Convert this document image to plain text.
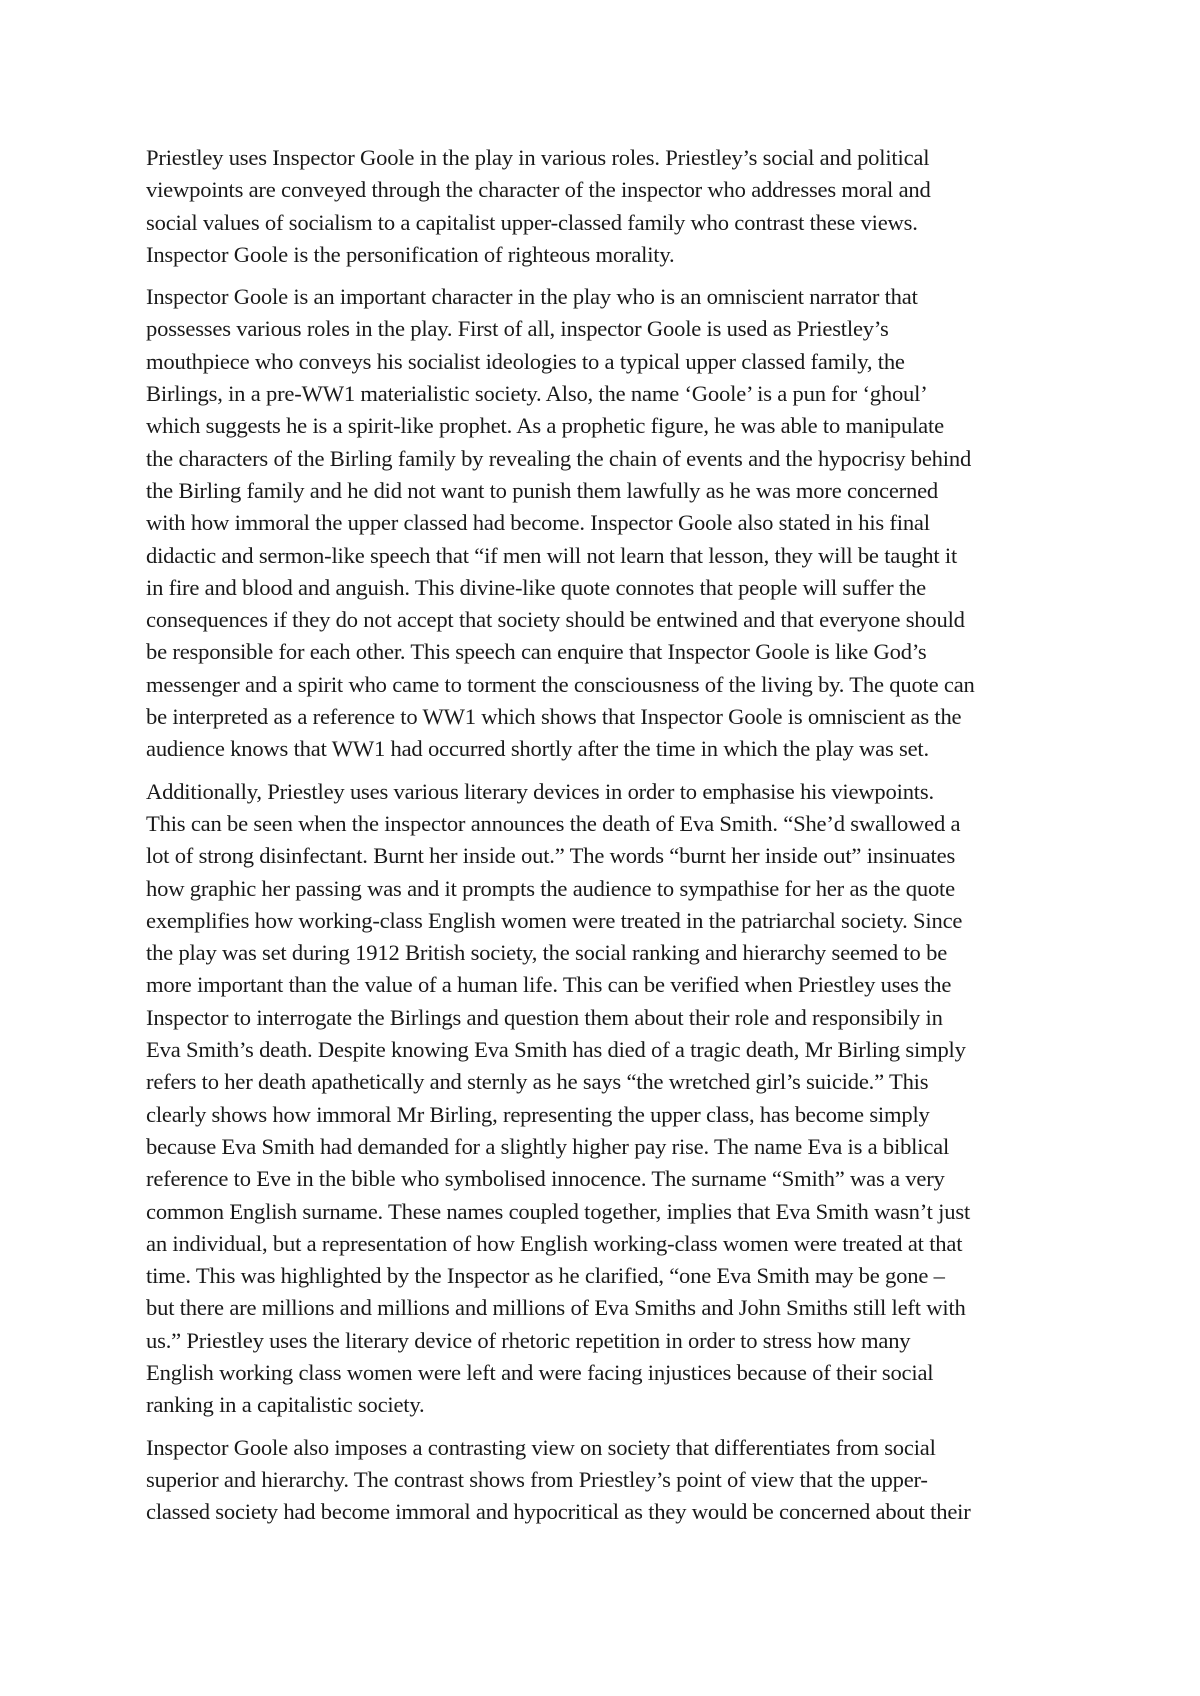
Priestley uses Inspector Goole in the play in various roles. Priestley’s social and political
viewpoints are conveyed through the character of the inspector who addresses moral and
social values of socialism to a capitalist upper-classed family who contrast these views.
Inspector Goole is the personification of righteous morality.
Inspector Goole is an important character in the play who is an omniscient narrator that
possesses various roles in the play. First of all, inspector Goole is used as Priestley’s
mouthpiece who conveys his socialist ideologies to a typical upper classed family, the
Birlings, in a pre-WW1 materialistic society. Also, the name ‘Goole’ is a pun for ‘ghoul’
which suggests he is a spirit-like prophet. As a prophetic figure, he was able to manipulate
the characters of the Birling family by revealing the chain of events and the hypocrisy behind
the Birling family and he did not want to punish them lawfully as he was more concerned
with how immoral the upper classed had become. Inspector Goole also stated in his final
didactic and sermon-like speech that “if men will not learn that lesson, they will be taught it
in fire and blood and anguish. This divine-like quote connotes that people will suffer the
consequences if they do not accept that society should be entwined and that everyone should
be responsible for each other. This speech can enquire that Inspector Goole is like God’s
messenger and a spirit who came to torment the consciousness of the living by. The quote can
be interpreted as a reference to WW1 which shows that Inspector Goole is omniscient as the
audience knows that WW1 had occurred shortly after the time in which the play was set.
Additionally, Priestley uses various literary devices in order to emphasise his viewpoints.
This can be seen when the inspector announces the death of Eva Smith. “She’d swallowed a
lot of strong disinfectant. Burnt her inside out.” The words “burnt her inside out” insinuates
how graphic her passing was and it prompts the audience to sympathise for her as the quote
exemplifies how working-class English women were treated in the patriarchal society. Since
the play was set during 1912 British society, the social ranking and hierarchy seemed to be
more important than the value of a human life. This can be verified when Priestley uses the
Inspector to interrogate the Birlings and question them about their role and responsibily in
Eva Smith’s death. Despite knowing Eva Smith has died of a tragic death, Mr Birling simply
refers to her death apathetically and sternly as he says “the wretched girl’s suicide.” This
clearly shows how immoral Mr Birling, representing the upper class, has become simply
because Eva Smith had demanded for a slightly higher pay rise. The name Eva is a biblical
reference to Eve in the bible who symbolised innocence. The surname “Smith” was a very
common English surname. These names coupled together, implies that Eva Smith wasn’t just
an individual, but a representation of how English working-class women were treated at that
time. This was highlighted by the Inspector as he clarified, “one Eva Smith may be gone –
but there are millions and millions and millions of Eva Smiths and John Smiths still left with
us.” Priestley uses the literary device of rhetoric repetition in order to stress how many
English working class women were left and were facing injustices because of their social
ranking in a capitalistic society.
Inspector Goole also imposes a contrasting view on society that differentiates from social
superior and hierarchy. The contrast shows from Priestley’s point of view that the upper-
classed society had become immoral and hypocritical as they would be concerned about their
